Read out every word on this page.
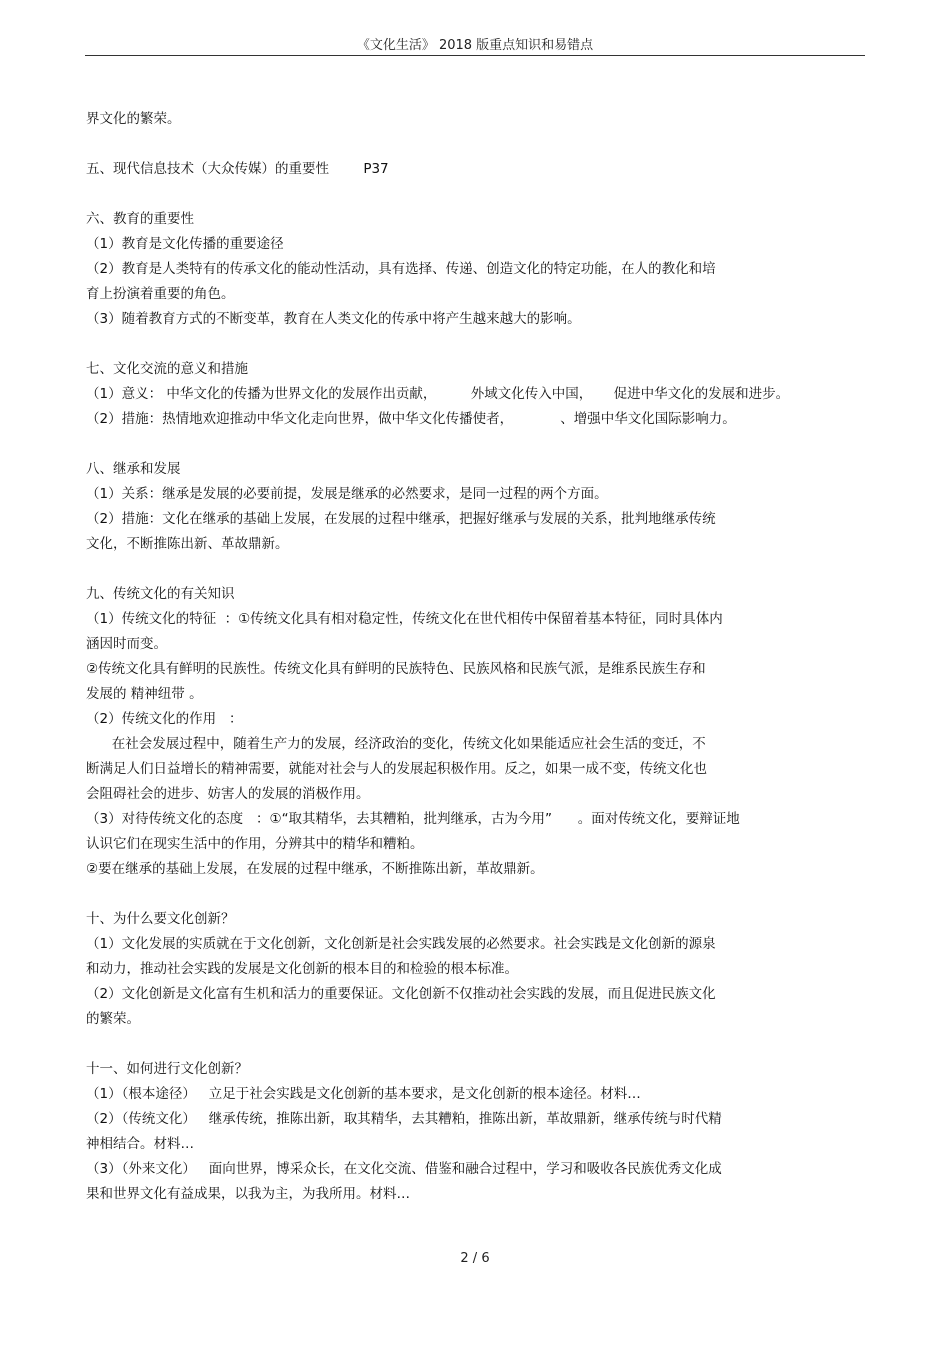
《文化生活》 2018 版重点知识和易错点
界文化的繁荣。
五、现代信息技术（大众传媒）的重要性        P37
六、教育的重要性
（1）教育是文化传播的重要途径
（2）教育是人类特有的传承文化的能动性活动，具有选择、传递、创造文化的特定功能，在人的教化和培
育上扮演着重要的角色。
（3）随着教育方式的不断变革，教育在人类文化的传承中将产生越来越大的影响。
七、文化交流的意义和措施
（1）意义： 中华文化的传播为世界文化的发展作出贡献，        外域文化传入中国，     促进中华文化的发展和进步。
（2）措施：热情地欢迎推动中华文化走向世界，做中华文化传播使者，           、增强中华文化国际影响力。
八、继承和发展
（1）关系：继承是发展的必要前提，发展是继承的必然要求，是同一过程的两个方面。
（2）措施：文化在继承的基础上发展，在发展的过程中继承，把握好继承与发展的关系，批判地继承传统
文化，不断推陈出新、革故鼎新。
九、传统文化的有关知识
（1）传统文化的特征  ：①传统文化具有相对稳定性，传统文化在世代相传中保留着基本特征，同时具体内
涵因时而变。
②传统文化具有鲜明的民族性。传统文化具有鲜明的民族特色、民族风格和民族气派，是维系民族生存和
发展的 精神纽带 。
（2）传统文化的作用   ：
在社会发展过程中，随着生产力的发展，经济政治的变化，传统文化如果能适应社会生活的变迁，不
断满足人们日益增长的精神需要，就能对社会与人的发展起积极作用。反之，如果一成不变，传统文化也
会阻碍社会的进步、妨害人的发展的消极作用。
（3）对待传统文化的态度   ：①“取其精华，去其糟粕，批判继承，古为今用”      。面对传统文化，要辩证地
认识它们在现实生活中的作用，分辨其中的精华和糟粕。
②要在继承的基础上发展，在发展的过程中继承，不断推陈出新，革故鼎新。
十、为什么要文化创新？
（1）文化发展的实质就在于文化创新，文化创新是社会实践发展的必然要求。社会实践是文化创新的源泉
和动力，推动社会实践的发展是文化创新的根本目的和检验的根本标准。
（2）文化创新是文化富有生机和活力的重要保证。文化创新不仅推动社会实践的发展，而且促进民族文化
的繁荣。
十一、如何进行文化创新？
（1）（根本途径）   立足于社会实践是文化创新的基本要求，是文化创新的根本途径。材料…
（2）（传统文化）   继承传统，推陈出新，取其精华，去其糟粕，推陈出新，革故鼎新，继承传统与时代精
神相结合。材料…
（3）（外来文化）   面向世界，博采众长，在文化交流、借鉴和融合过程中，学习和吸收各民族优秀文化成
果和世界文化有益成果，以我为主，为我所用。材料…
2 / 6
